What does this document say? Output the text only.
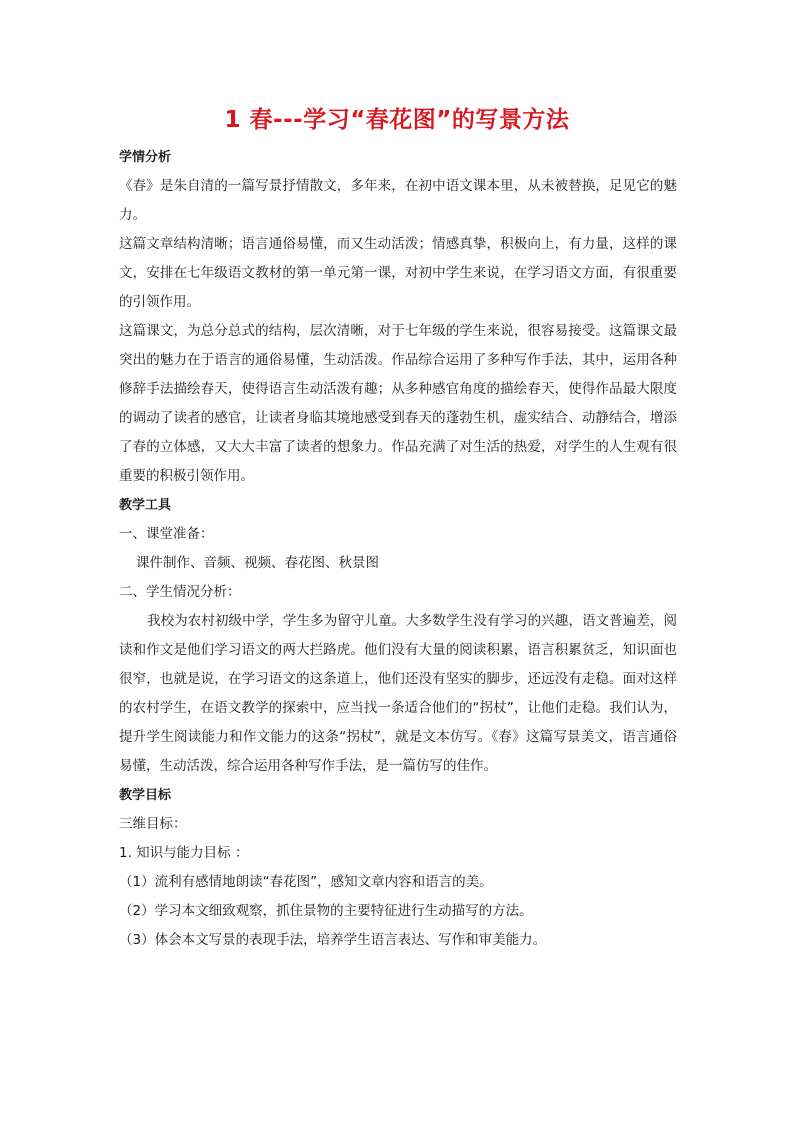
1 春---学习“春花图”的写景方法

学情分析

《春》是朱自清的一篇写景抒情散文，多年来，在初中语文课本里，从未被替换，足见它的魅力。

这篇文章结构清晰；语言通俗易懂，而又生动活泼；情感真挚，积极向上，有力量，这样的课文，安排在七年级语文教材的第一单元第一课，对初中学生来说，在学习语文方面，有很重要的引领作用。

这篇课文，为总分总式的结构，层次清晰，对于七年级的学生来说，很容易接受。这篇课文最突出的魅力在于语言的通俗易懂，生动活泼。作品综合运用了多种写作手法，其中，运用各种修辞手法描绘春天，使得语言生动活泼有趣；从多种感官角度的描绘春天，使得作品最大限度的调动了读者的感官，让读者身临其境地感受到春天的蓬勃生机，虚实结合、动静结合，增添了春的立体感，又大大丰富了读者的想象力。作品充满了对生活的热爱，对学生的人生观有很重要的积极引领作用。

教学工具

一、课堂准备：

课件制作、音频、视频、春花图、秋景图

二、学生情况分析：

我校为农村初级中学，学生多为留守儿童。大多数学生没有学习的兴趣，语文普遍差，阅读和作文是他们学习语文的两大拦路虎。他们没有大量的阅读积累，语言积累贫乏，知识面也很窄，也就是说，在学习语文的这条道上，他们还没有坚实的脚步，还远没有走稳。面对这样的农村学生，在语文教学的探索中，应当找一条适合他们的“拐杖”，让他们走稳。我们认为，提升学生阅读能力和作文能力的这条“拐杖”，就是文本仿写。《春》这篇写景美文，语言通俗易懂，生动活泼，综合运用各种写作手法，是一篇仿写的佳作。

教学目标

三维目标：

1. 知识与能力目标 ：

（1）流利有感情地朗读“春花图”，感知文章内容和语言的美。

（2）学习本文细致观察，抓住景物的主要特征进行生动描写的方法。

（3）体会本文写景的表现手法，培养学生语言表达、写作和审美能力。
